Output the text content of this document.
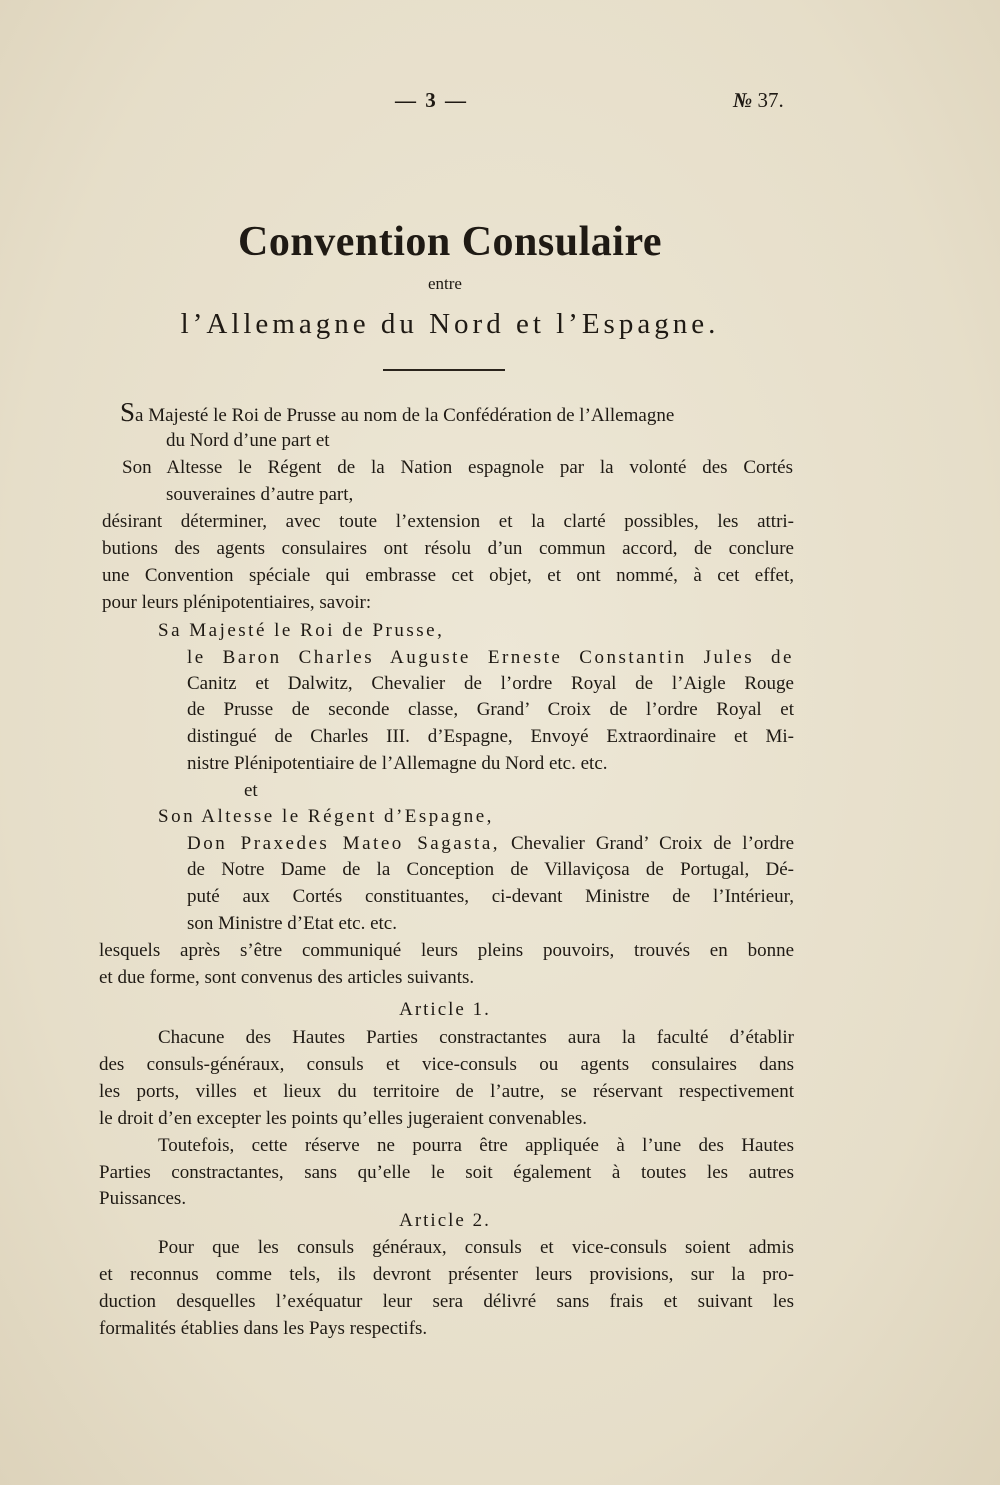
— 3 —	№ 37.
Convention Consulaire
entre
l’Allemagne du Nord et l’Espagne.
Sa Majesté le Roi de Prusse au nom de la Confédération de l’Allemagne
du Nord d’une part et
Son Altesse le Régent de la Nation espagnole par la volonté des Cortés
souveraines d’autre part,
désirant déterminer, avec toute l’extension et la clarté possibles, les attri-
butions des agents consulaires ont résolu d’un commun accord, de conclure
une Convention spéciale qui embrasse cet objet, et ont nommé, à cet effet,
pour leurs plénipotentiaires, savoir:
Sa Majesté le Roi de Prusse,
le Baron Charles Auguste Erneste Constantin Jules de
Canitz et Dalwitz, Chevalier de l’ordre Royal de l’Aigle Rouge
de Prusse de seconde classe, Grand’ Croix de l’ordre Royal et
distingué de Charles III. d’Espagne, Envoyé Extraordinaire et Mi-
nistre Plénipotentiaire de l’Allemagne du Nord etc. etc.
et
Son Altesse le Régent d’Espagne,
Don Praxedes Mateo Sagasta, Chevalier Grand’ Croix de l’ordre
de Notre Dame de la Conception de Villaviçosa de Portugal, Dé-
puté aux Cortés constituantes, ci-devant Ministre de l’Intérieur,
son Ministre d’Etat etc. etc.
lesquels après s’être communiqué leurs pleins pouvoirs, trouvés en bonne
et due forme, sont convenus des articles suivants.
Article 1.
Chacune des Hautes Parties constractantes aura la faculté d’établir
des consuls-généraux, consuls et vice-consuls ou agents consulaires dans
les ports, villes et lieux du territoire de l’autre, se réservant respectivement
le droit d’en excepter les points qu’elles jugeraient convenables.
Toutefois, cette réserve ne pourra être appliquée à l’une des Hautes
Parties constractantes, sans qu’elle le soit également à toutes les autres
Puissances.
Article 2.
Pour que les consuls généraux, consuls et vice-consuls soient admis
et reconnus comme tels, ils devront présenter leurs provisions, sur la pro-
duction desquelles l’exéquatur leur sera délivré sans frais et suivant les
formalités établies dans les Pays respectifs.
